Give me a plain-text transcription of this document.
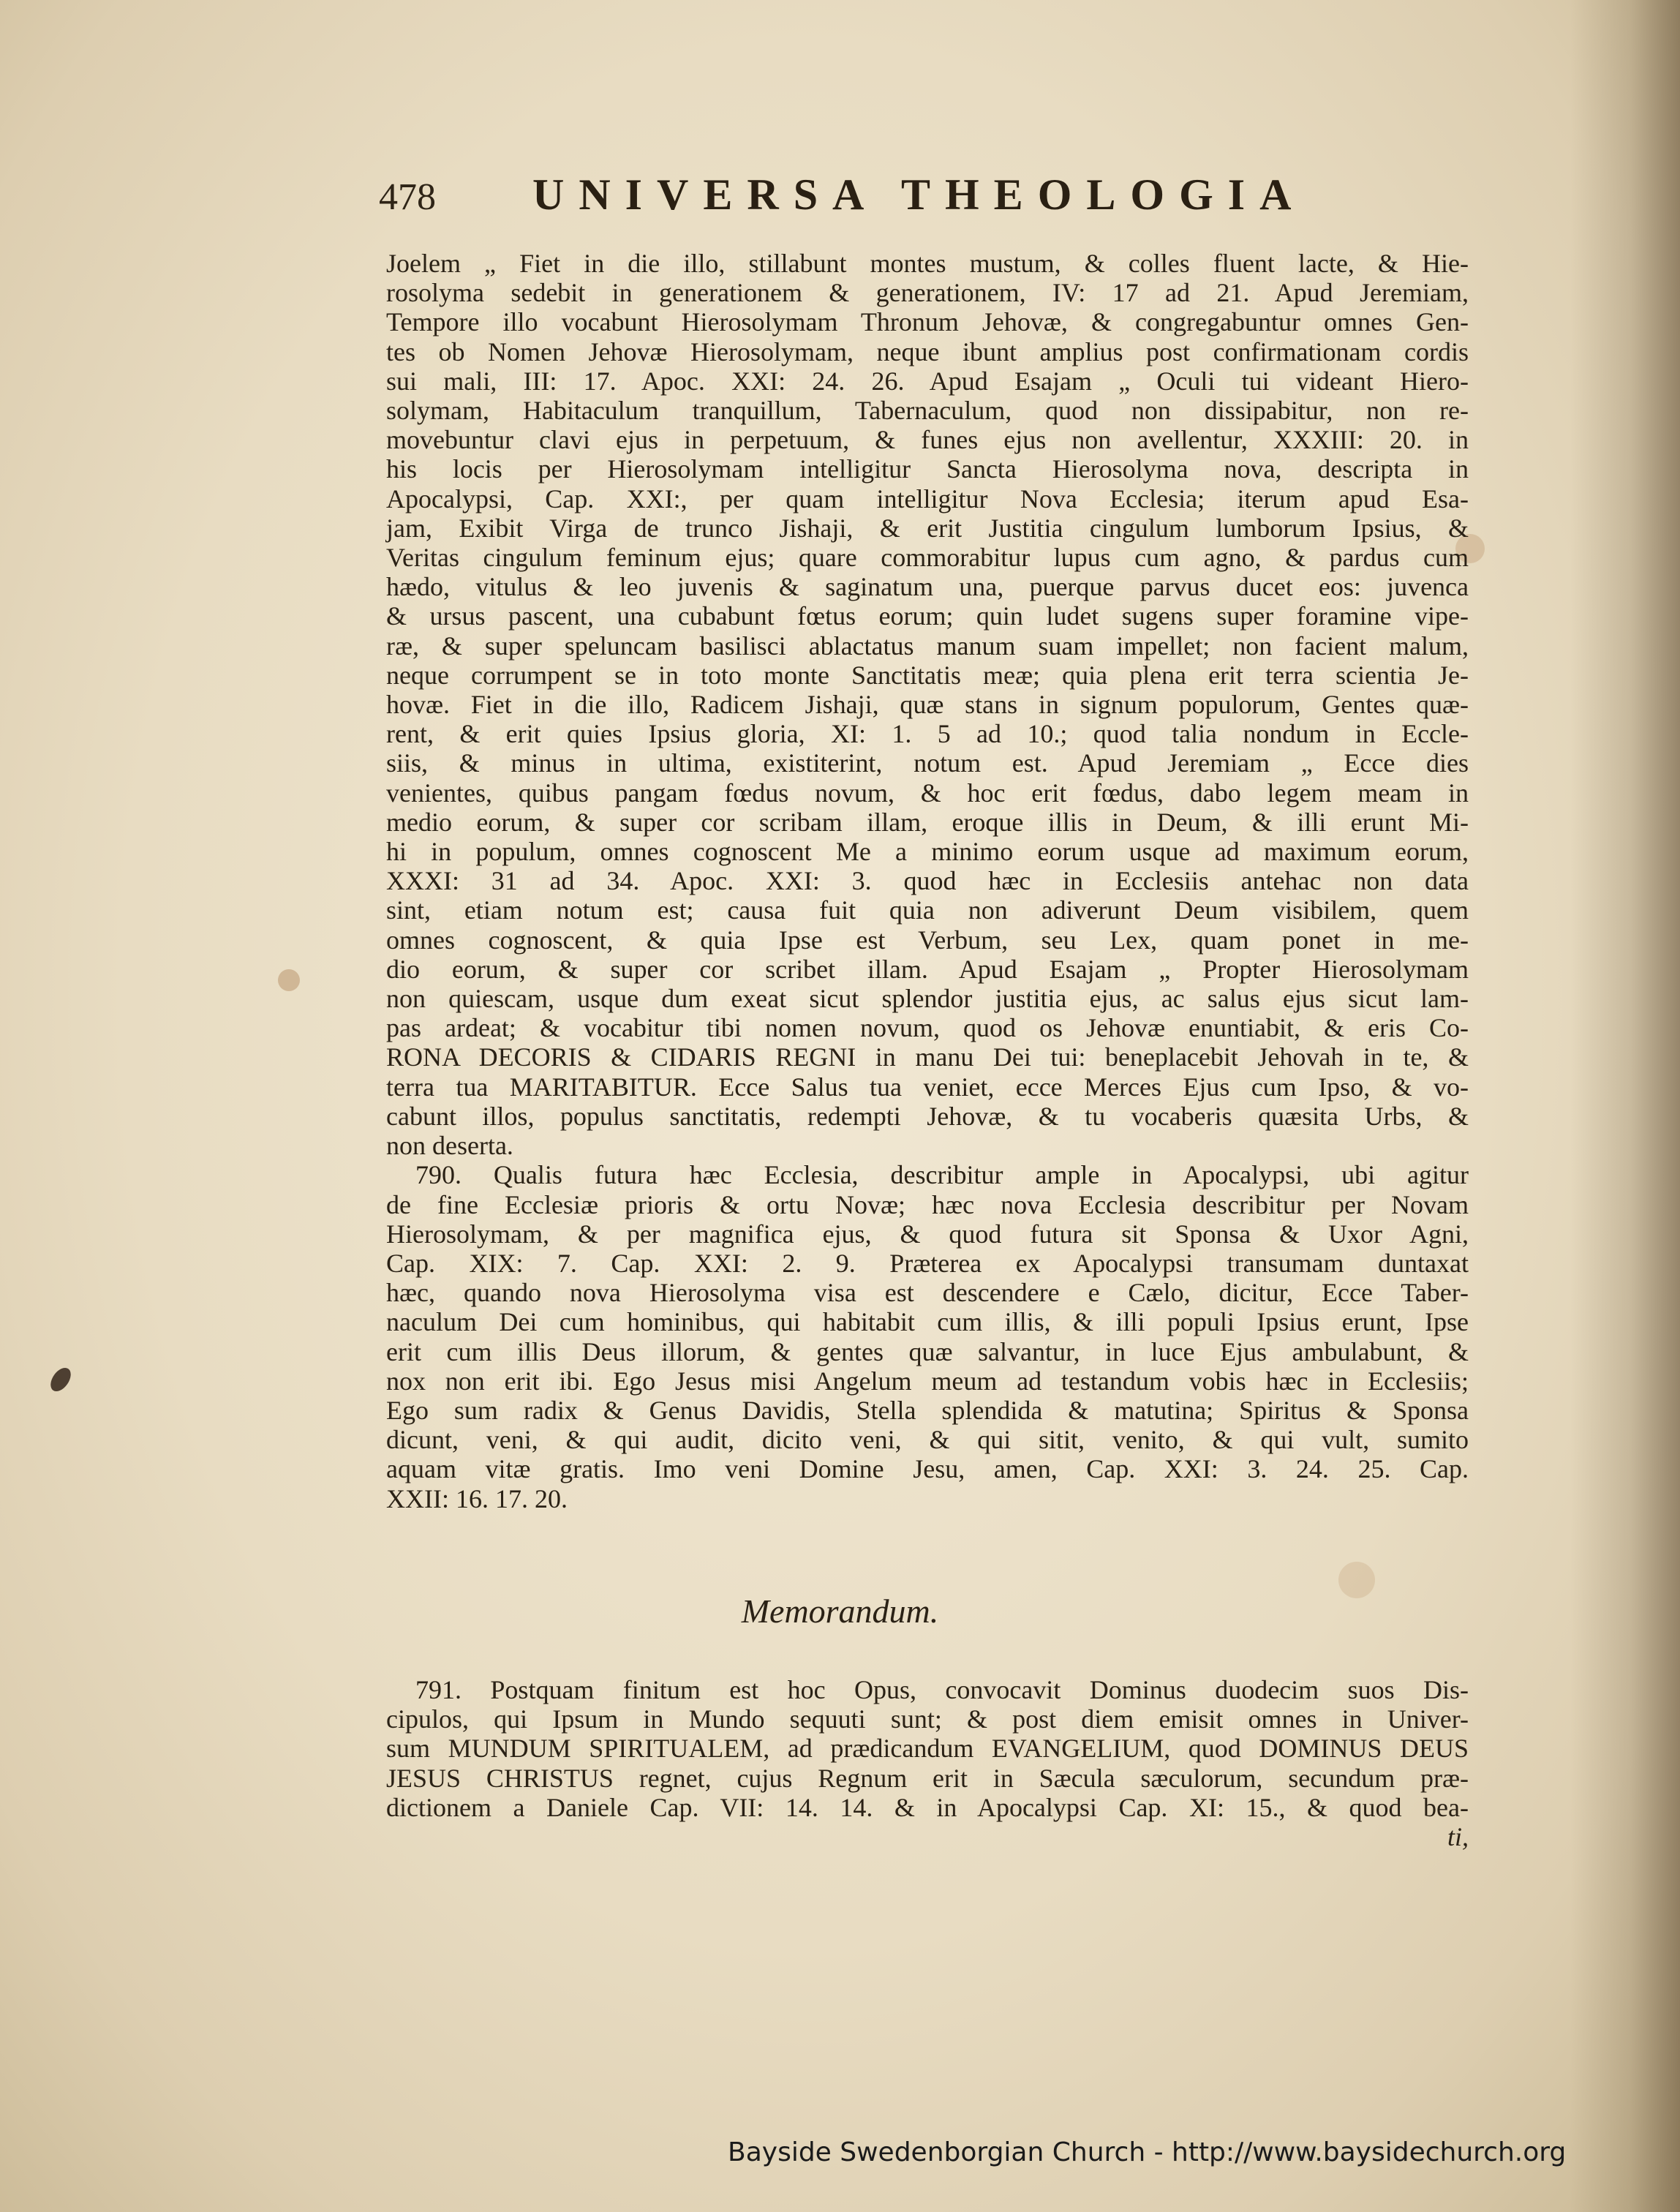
478 UNIVERSA THEOLOGIA
Joelem „ Fiet in die illo, stillabunt montes mustum, & colles fluent lacte, & Hie-
rosolyma sedebit in generationem & generationem, IV: 17 ad 21. Apud Jeremiam,
Tempore illo vocabunt Hierosolymam Thronum Jehovæ, & congregabuntur omnes Gen-
tes ob Nomen Jehovæ Hierosolymam, neque ibunt amplius post confirmationam cordis
sui mali, III: 17. Apoc. XXI: 24. 26. Apud Esajam „ Oculi tui videant Hiero-
solymam, Habitaculum tranquillum, Tabernaculum, quod non dissipabitur, non re-
movebuntur clavi ejus in perpetuum, & funes ejus non avellentur, XXXIII: 20. in
his locis per Hierosolymam intelligitur Sancta Hierosolyma nova, descripta in
Apocalypsi, Cap. XXI:, per quam intelligitur Nova Ecclesia; iterum apud Esa-
jam, Exibit Virga de trunco Jishaji, & erit Justitia cingulum lumborum Ipsius, &
Veritas cingulum feminum ejus; quare commorabitur lupus cum agno, & pardus cum
hædo, vitulus & leo juvenis & saginatum una, puerque parvus ducet eos: juvenca
& ursus pascent, una cubabunt fœtus eorum; quin ludet sugens super foramine vipe-
ræ, & super speluncam basilisci ablactatus manum suam impellet; non facient malum,
neque corrumpent se in toto monte Sanctitatis meæ; quia plena erit terra scientia Je-
hovæ. Fiet in die illo, Radicem Jishaji, quæ stans in signum populorum, Gentes quæ-
rent, & erit quies Ipsius gloria, XI: 1. 5 ad 10.; quod talia nondum in Eccle-
siis, & minus in ultima, existiterint, notum est. Apud Jeremiam „ Ecce dies
venientes, quibus pangam fœdus novum, & hoc erit fœdus, dabo legem meam in
medio eorum, & super cor scribam illam, eroque illis in Deum, & illi erunt Mi-
hi in populum, omnes cognoscent Me a minimo eorum usque ad maximum eorum,
XXXI: 31 ad 34. Apoc. XXI: 3. quod hæc in Ecclesiis antehac non data
sint, etiam notum est; causa fuit quia non adiverunt Deum visibilem, quem
omnes cognoscent, & quia Ipse est Verbum, seu Lex, quam ponet in me-
dio eorum, & super cor scribet illam. Apud Esajam „ Propter Hierosolymam
non quiescam, usque dum exeat sicut splendor justitia ejus, ac salus ejus sicut lam-
pas ardeat; & vocabitur tibi nomen novum, quod os Jehovæ enuntiabit, & eris Co-
RONA DECORIS & CIDARIS REGNI in manu Dei tui: beneplacebit Jehovah in te, &
terra tua MARITABITUR. Ecce Salus tua veniet, ecce Merces Ejus cum Ipso, & vo-
cabunt illos, populus sanctitatis, redempti Jehovæ, & tu vocaberis quæsita Urbs, &
non deserta.
790. Qualis futura hæc Ecclesia, describitur ample in Apocalypsi, ubi agitur
de fine Ecclesiæ prioris & ortu Novæ; hæc nova Ecclesia describitur per Novam
Hierosolymam, & per magnifica ejus, & quod futura sit Sponsa & Uxor Agni,
Cap. XIX: 7. Cap. XXI: 2. 9. Præterea ex Apocalypsi transumam duntaxat
hæc, quando nova Hierosolyma visa est descendere e Cælo, dicitur, Ecce Taber-
naculum Dei cum hominibus, qui habitabit cum illis, & illi populi Ipsius erunt, Ipse
erit cum illis Deus illorum, & gentes quæ salvantur, in luce Ejus ambulabunt, &
nox non erit ibi. Ego Jesus misi Angelum meum ad testandum vobis hæc in Ecclesiis;
Ego sum radix & Genus Davidis, Stella splendida & matutina; Spiritus & Sponsa
dicunt, veni, & qui audit, dicito veni, & qui sitit, venito, & qui vult, sumito
aquam vitæ gratis. Imo veni Domine Jesu, amen, Cap. XXI: 3. 24. 25. Cap.
XXII: 16. 17. 20.
Memorandum.
791. Postquam finitum est hoc Opus, convocavit Dominus duodecim suos Dis-
cipulos, qui Ipsum in Mundo sequuti sunt; & post diem emisit omnes in Univer-
sum MUNDUM SPIRITUALEM, ad prædicandum EVANGELIUM, quod DOMINUS DEUS
JESUS CHRISTUS regnet, cujus Regnum erit in Sæcula sæculorum, secundum præ-
dictionem a Daniele Cap. VII: 14. 14. & in Apocalypsi Cap. XI: 15., & quod bea-
ti,
Bayside Swedenborgian Church - http://www.baysidechurch.org
